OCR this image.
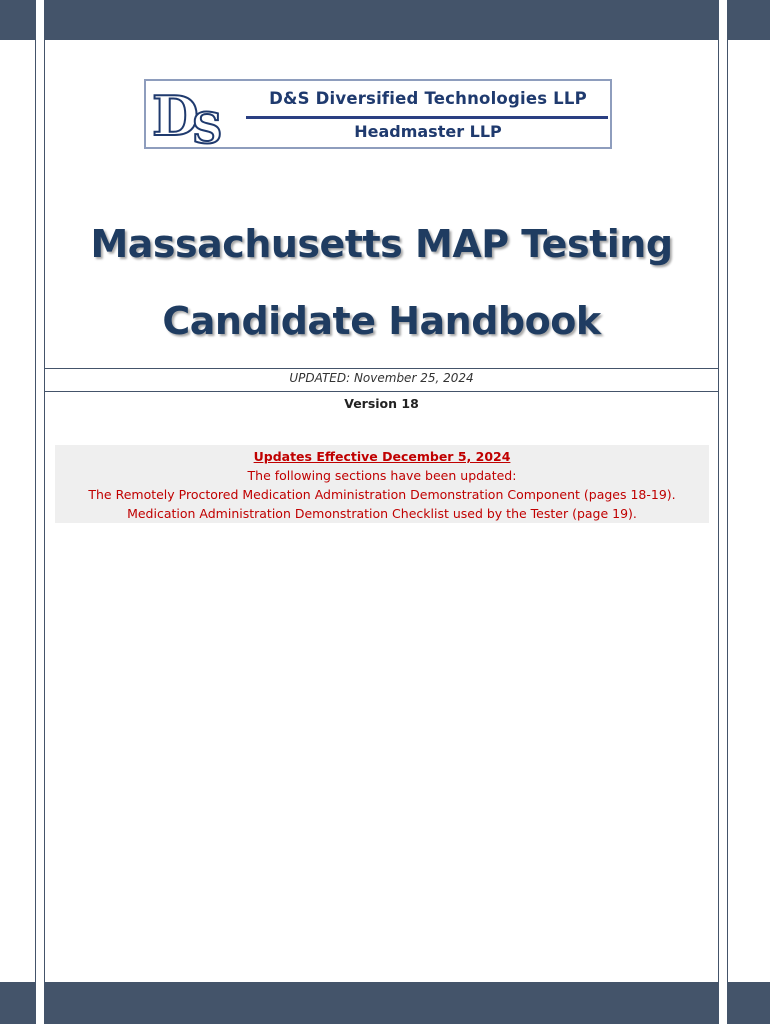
D
S
D&S Diversified Technologies LLP
Headmaster LLP
Massachusetts MAP Testing
Candidate Handbook
UPDATED: November 25, 2024
Version 18
Updates Effective December 5, 2024
The following sections have been updated:
The Remotely Proctored Medication Administration Demonstration Component (pages 18-19).
Medication Administration Demonstration Checklist used by the Tester (page 19).
